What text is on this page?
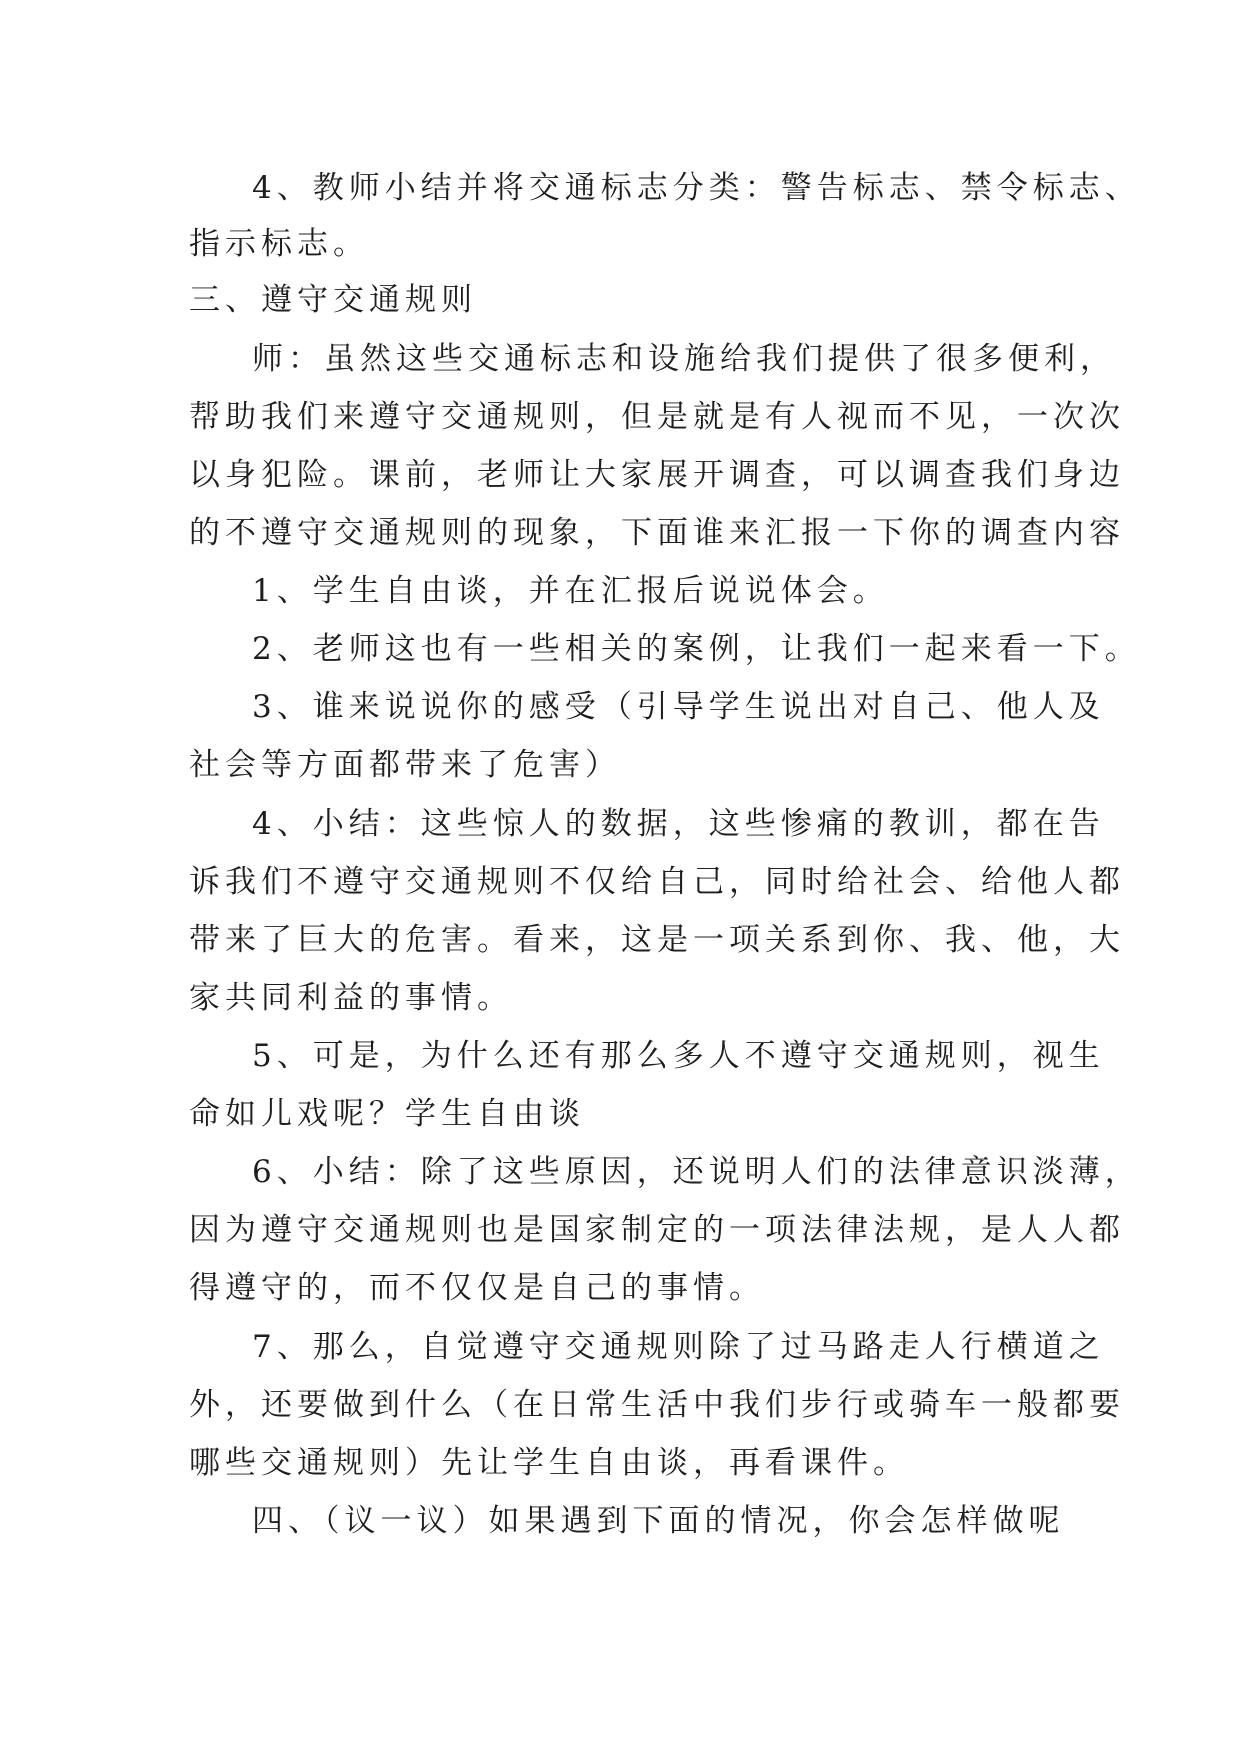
4、教师小结并将交通标志分类：警告标志、禁令标志、
指示标志。
三、遵守交通规则
师：虽然这些交通标志和设施给我们提供了很多便利，
帮助我们来遵守交通规则，但是就是有人视而不见，一次次
以身犯险。课前，老师让大家展开调查，可以调查我们身边
的不遵守交通规则的现象，下面谁来汇报一下你的调查内容
1、学生自由谈，并在汇报后说说体会。
2、老师这也有一些相关的案例，让我们一起来看一下。
3、谁来说说你的感受（引导学生说出对自己、他人及
社会等方面都带来了危害）
4、小结：这些惊人的数据，这些惨痛的教训，都在告
诉我们不遵守交通规则不仅给自己，同时给社会、给他人都
带来了巨大的危害。看来，这是一项关系到你、我、他，大
家共同利益的事情。
5、可是，为什么还有那么多人不遵守交通规则，视生
命如儿戏呢？学生自由谈
6、小结：除了这些原因，还说明人们的法律意识淡薄，
因为遵守交通规则也是国家制定的一项法律法规，是人人都
得遵守的，而不仅仅是自己的事情。
7、那么，自觉遵守交通规则除了过马路走人行横道之
外，还要做到什么（在日常生活中我们步行或骑车一般都要
哪些交通规则）先让学生自由谈，再看课件。
四、（议一议）如果遇到下面的情况，你会怎样做呢
